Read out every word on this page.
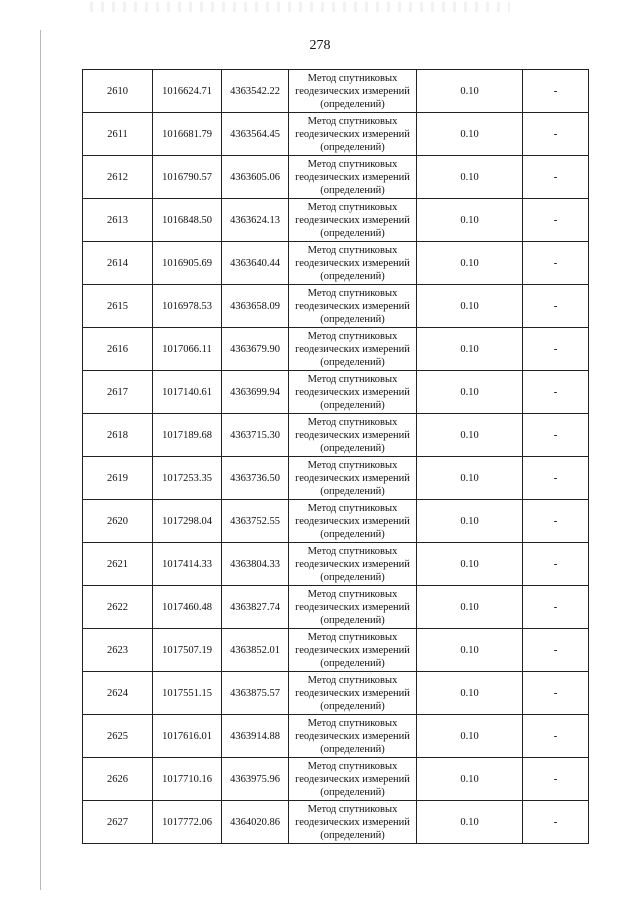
278
2610	1016624.71	4363542.22	Метод спутниковых
геодезических измерений
(определений)	0.10	-
2611	1016681.79	4363564.45	Метод спутниковых
геодезических измерений
(определений)	0.10	-
2612	1016790.57	4363605.06	Метод спутниковых
геодезических измерений
(определений)	0.10	-
2613	1016848.50	4363624.13	Метод спутниковых
геодезических измерений
(определений)	0.10	-
2614	1016905.69	4363640.44	Метод спутниковых
геодезических измерений
(определений)	0.10	-
2615	1016978.53	4363658.09	Метод спутниковых
геодезических измерений
(определений)	0.10	-
2616	1017066.11	4363679.90	Метод спутниковых
геодезических измерений
(определений)	0.10	-
2617	1017140.61	4363699.94	Метод спутниковых
геодезических измерений
(определений)	0.10	-
2618	1017189.68	4363715.30	Метод спутниковых
геодезических измерений
(определений)	0.10	-
2619	1017253.35	4363736.50	Метод спутниковых
геодезических измерений
(определений)	0.10	-
2620	1017298.04	4363752.55	Метод спутниковых
геодезических измерений
(определений)	0.10	-
2621	1017414.33	4363804.33	Метод спутниковых
геодезических измерений
(определений)	0.10	-
2622	1017460.48	4363827.74	Метод спутниковых
геодезических измерений
(определений)	0.10	-
2623	1017507.19	4363852.01	Метод спутниковых
геодезических измерений
(определений)	0.10	-
2624	1017551.15	4363875.57	Метод спутниковых
геодезических измерений
(определений)	0.10	-
2625	1017616.01	4363914.88	Метод спутниковых
геодезических измерений
(определений)	0.10	-
2626	1017710.16	4363975.96	Метод спутниковых
геодезических измерений
(определений)	0.10	-
2627	1017772.06	4364020.86	Метод спутниковых
геодезических измерений
(определений)	0.10	-
